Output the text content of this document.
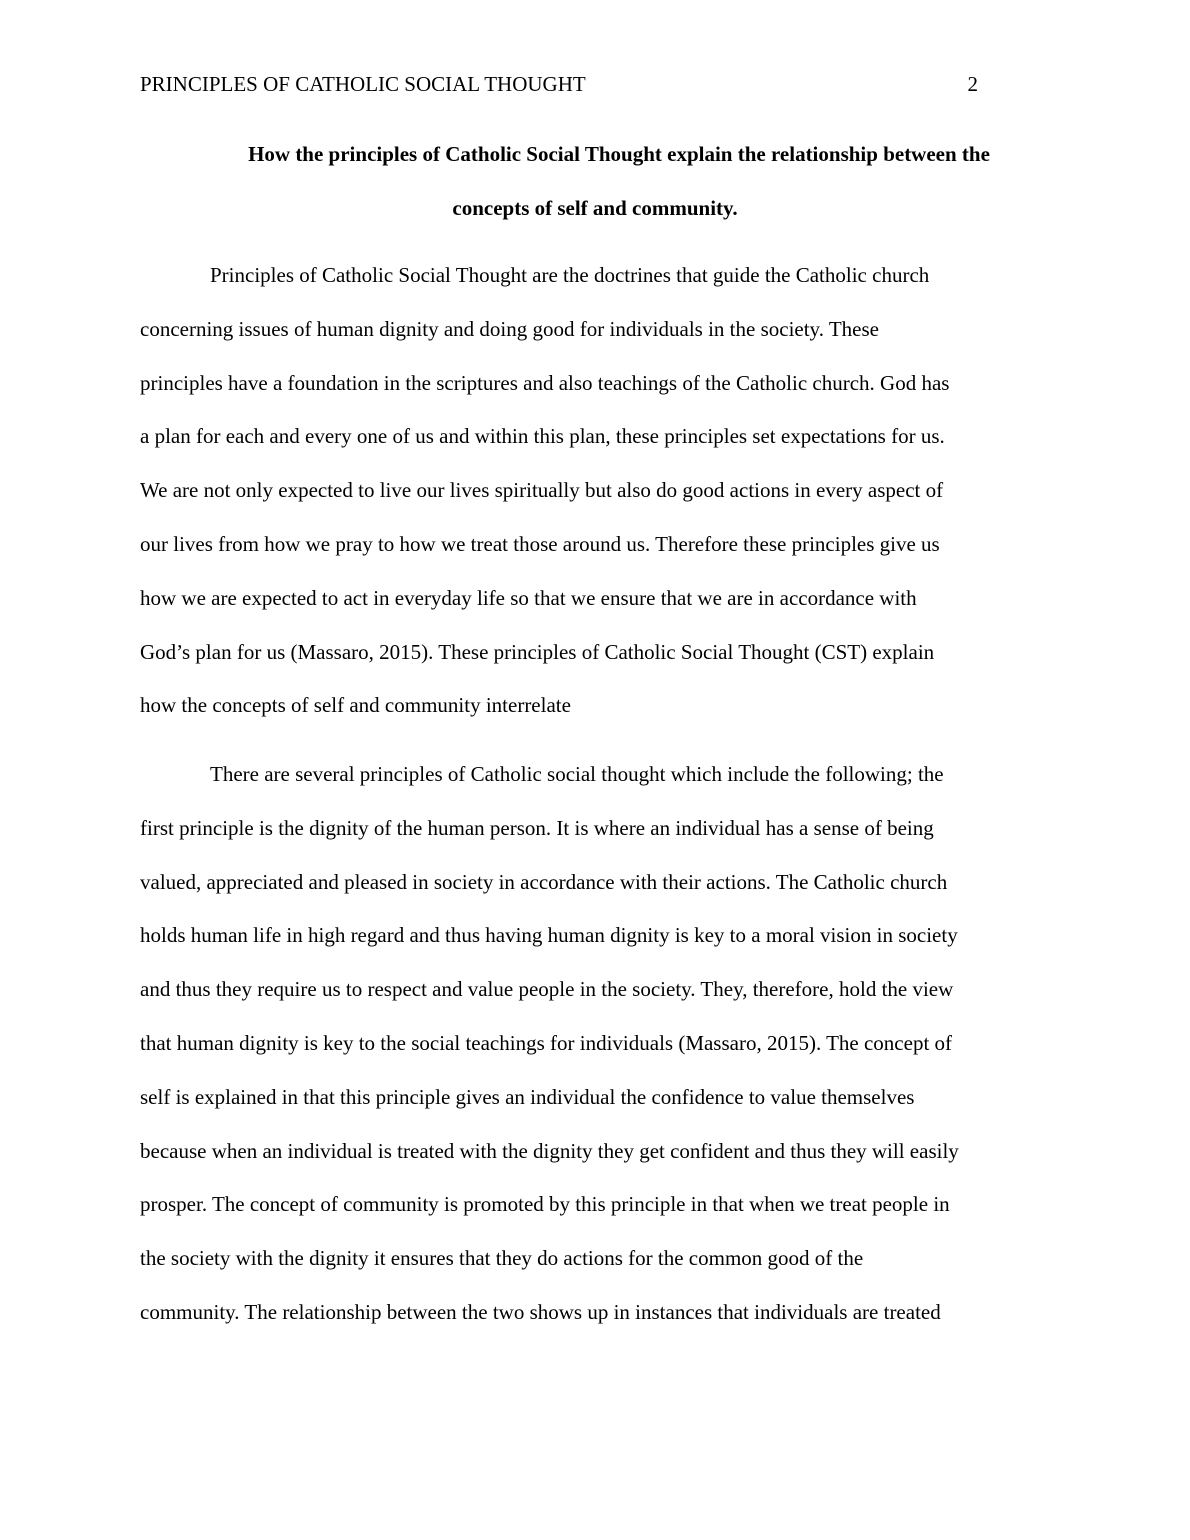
PRINCIPLES OF CATHOLIC SOCIAL THOUGHT	2
How the principles of Catholic Social Thought explain the relationship between the
concepts of self and community.
Principles of Catholic Social Thought are the doctrines that guide the Catholic church
concerning issues of human dignity and doing good for individuals in the society. These
principles have a foundation in the scriptures and also teachings of the Catholic church. God has
a plan for each and every one of us and within this plan, these principles set expectations for us.
We are not only expected to live our lives spiritually but also do good actions in every aspect of
our lives from how we pray to how we treat those around us. Therefore these principles give us
how we are expected to act in everyday life so that we ensure that we are in accordance with
God’s plan for us (Massaro, 2015). These principles of Catholic Social Thought (CST) explain
how the concepts of self and community interrelate
There are several principles of Catholic social thought which include the following; the
first principle is the dignity of the human person. It is where an individual has a sense of being
valued, appreciated and pleased in society in accordance with their actions. The Catholic church
holds human life in high regard and thus having human dignity is key to a moral vision in society
and thus they require us to respect and value people in the society. They, therefore, hold the view
that human dignity is key to the social teachings for individuals (Massaro, 2015). The concept of
self is explained in that this principle gives an individual the confidence to value themselves
because when an individual is treated with the dignity they get confident and thus they will easily
prosper. The concept of community is promoted by this principle in that when we treat people in
the society with the dignity it ensures that they do actions for the common good of the
community. The relationship between the two shows up in instances that individuals are treated
